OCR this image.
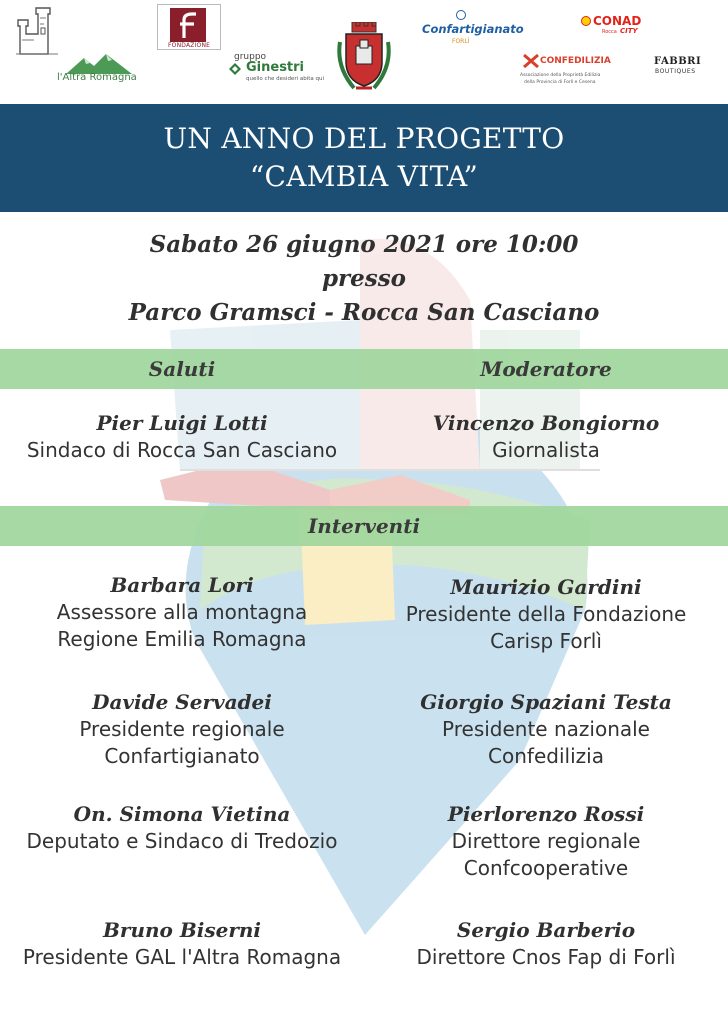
l'Altra Romagna
FONDAZIONE
gruppo
Ginestri
quello che desideri abita qui
Confartigianato
FORLÌ
CONFEDILIZIA
Associazione della Proprietà Edilizia
della Provincia di Forlì e Cesena
CONAD
Rocca CITY
FABBRI
BOUTIQUES
UN ANNO DEL PROGETTO
“CAMBIA VITA”
Sabato 26 giugno 2021 ore 10:00
presso
Parco Gramsci - Rocca San Casciano
Saluti	Moderatore
Pier Luigi Lotti
Sindaco di Rocca San Casciano
Vincenzo Bongiorno
Giornalista
Interventi
Barbara Lori
Assessore alla montagna
Regione Emilia Romagna
Davide Servadei
Presidente regionale
Confartigianato
On. Simona Vietina
Deputato e Sindaco di Tredozio
Bruno Biserni
Presidente GAL l'Altra Romagna
Maurizio Gardini
Presidente della Fondazione
Carisp Forlì
Giorgio Spaziani Testa
Presidente nazionale
Confedilizia
Pierlorenzo Rossi
Direttore regionale
Confcooperative
Sergio Barberio
Direttore Cnos Fap di Forlì
